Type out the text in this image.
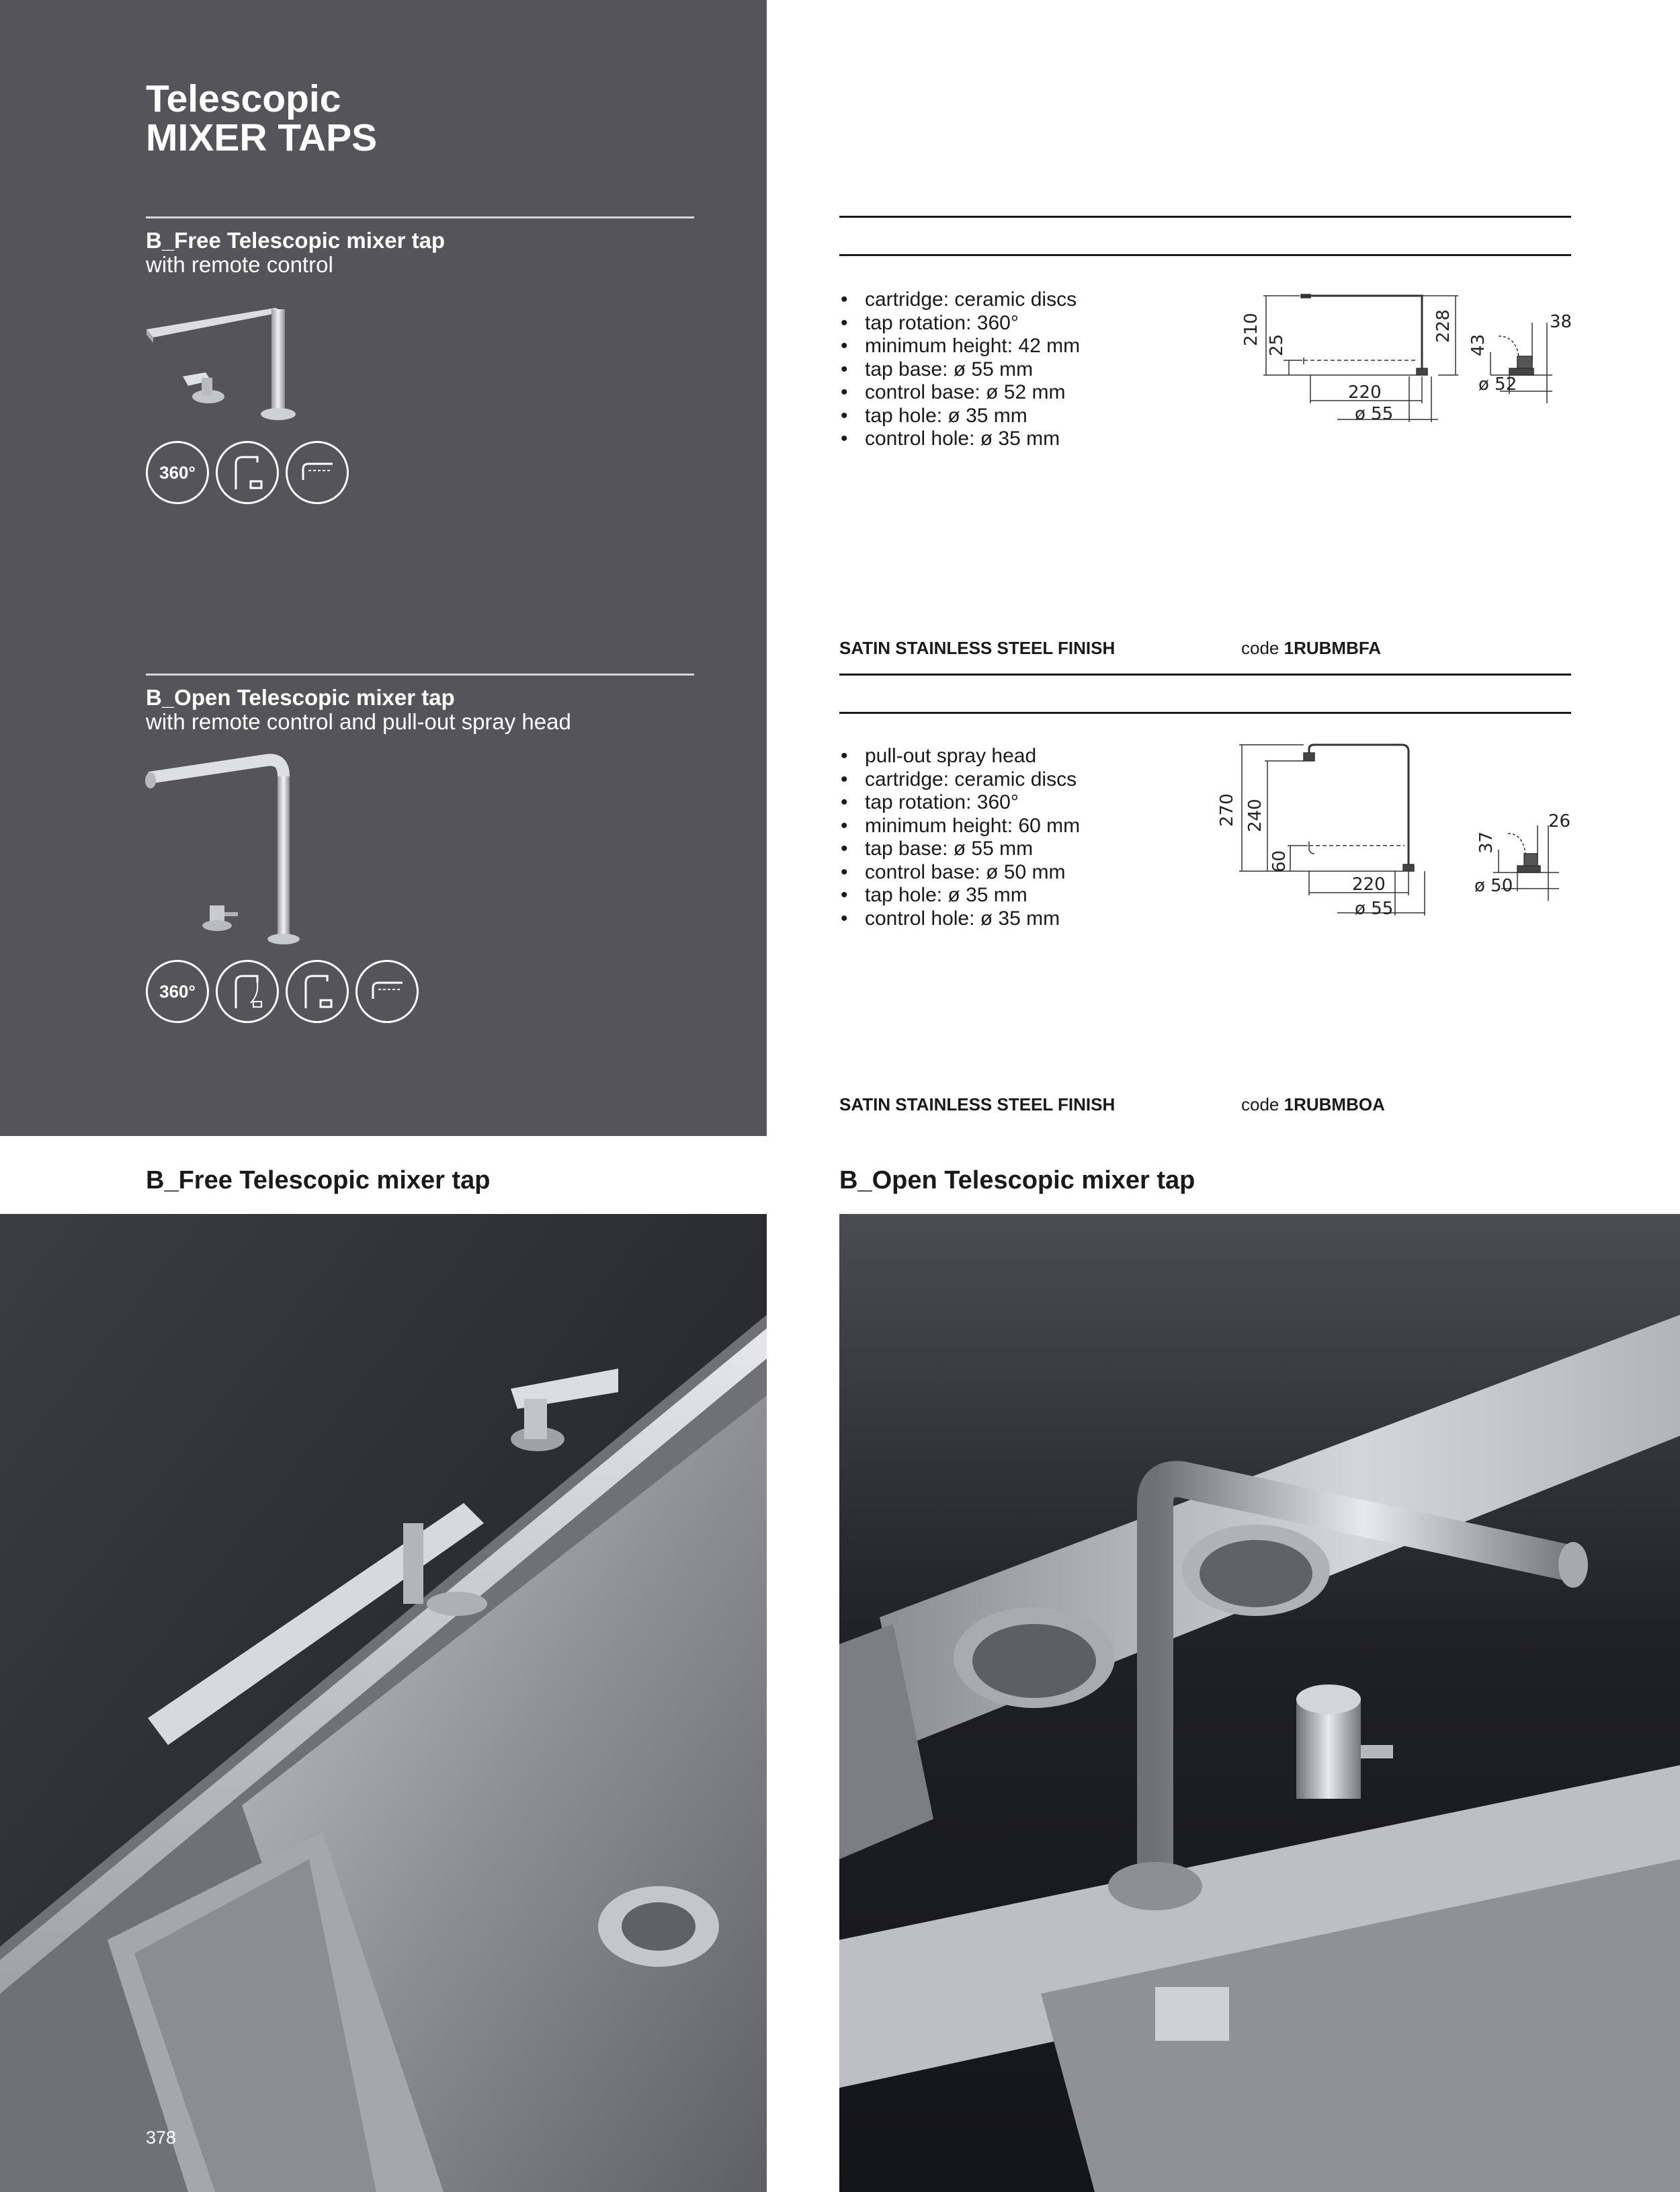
Telescopic
MIXER TAPS
B_Free Telescopic mixer tap
with remote control
360°
B_Open Telescopic mixer tap
with remote control and pull-out spray head
360°
• cartridge: ceramic discs
• tap rotation: 360°
• minimum height: 42 mm
• tap base: ø 55 mm
• control base: ø 52 mm
• tap hole: ø 35 mm
• control hole: ø 35 mm
210 25
228
43
38
220
ø 55
ø 52
SATIN STAINLESS STEEL FINISH	code 1RUBMBFA
• pull-out spray head
• cartridge: ceramic discs
• tap rotation: 360°
• minimum height: 60 mm
• tap base: ø 55 mm
• control base: ø 50 mm
• tap hole: ø 35 mm
• control hole: ø 35 mm
270 240
60
37
26
220
ø 55
ø 50
SATIN STAINLESS STEEL FINISH	code 1RUBMBOA
B_Free Telescopic mixer tap	B_Open Telescopic mixer tap
378
